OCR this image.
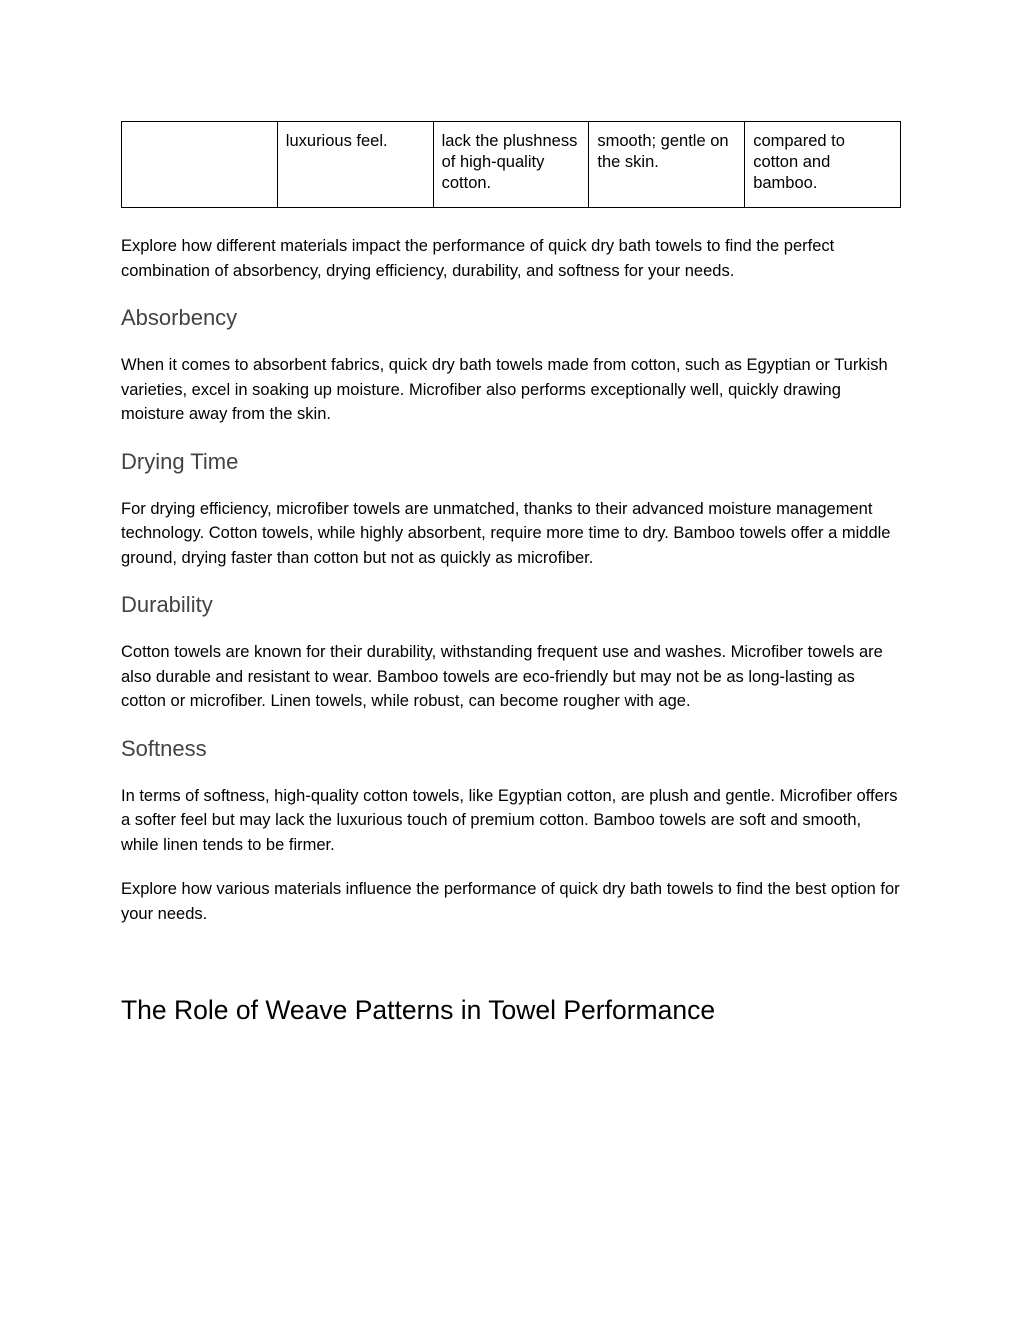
	luxurious feel.	lack the plushness of high-quality cotton.	smooth; gentle on the skin.	compared to cotton and bamboo.

Explore how different materials impact the performance of quick dry bath towels to find the perfect combination of absorbency, drying efficiency, durability, and softness for your needs.

Absorbency

When it comes to absorbent fabrics, quick dry bath towels made from cotton, such as Egyptian or Turkish varieties, excel in soaking up moisture. Microfiber also performs exceptionally well, quickly drawing moisture away from the skin.

Drying Time

For drying efficiency, microfiber towels are unmatched, thanks to their advanced moisture management technology. Cotton towels, while highly absorbent, require more time to dry. Bamboo towels offer a middle ground, drying faster than cotton but not as quickly as microfiber.

Durability

Cotton towels are known for their durability, withstanding frequent use and washes. Microfiber towels are also durable and resistant to wear. Bamboo towels are eco-friendly but may not be as long-lasting as cotton or microfiber. Linen towels, while robust, can become rougher with age.

Softness

In terms of softness, high-quality cotton towels, like Egyptian cotton, are plush and gentle. Microfiber offers a softer feel but may lack the luxurious touch of premium cotton. Bamboo towels are soft and smooth, while linen tends to be firmer.

Explore how various materials influence the performance of quick dry bath towels to find the best option for your needs.

The Role of Weave Patterns in Towel Performance
